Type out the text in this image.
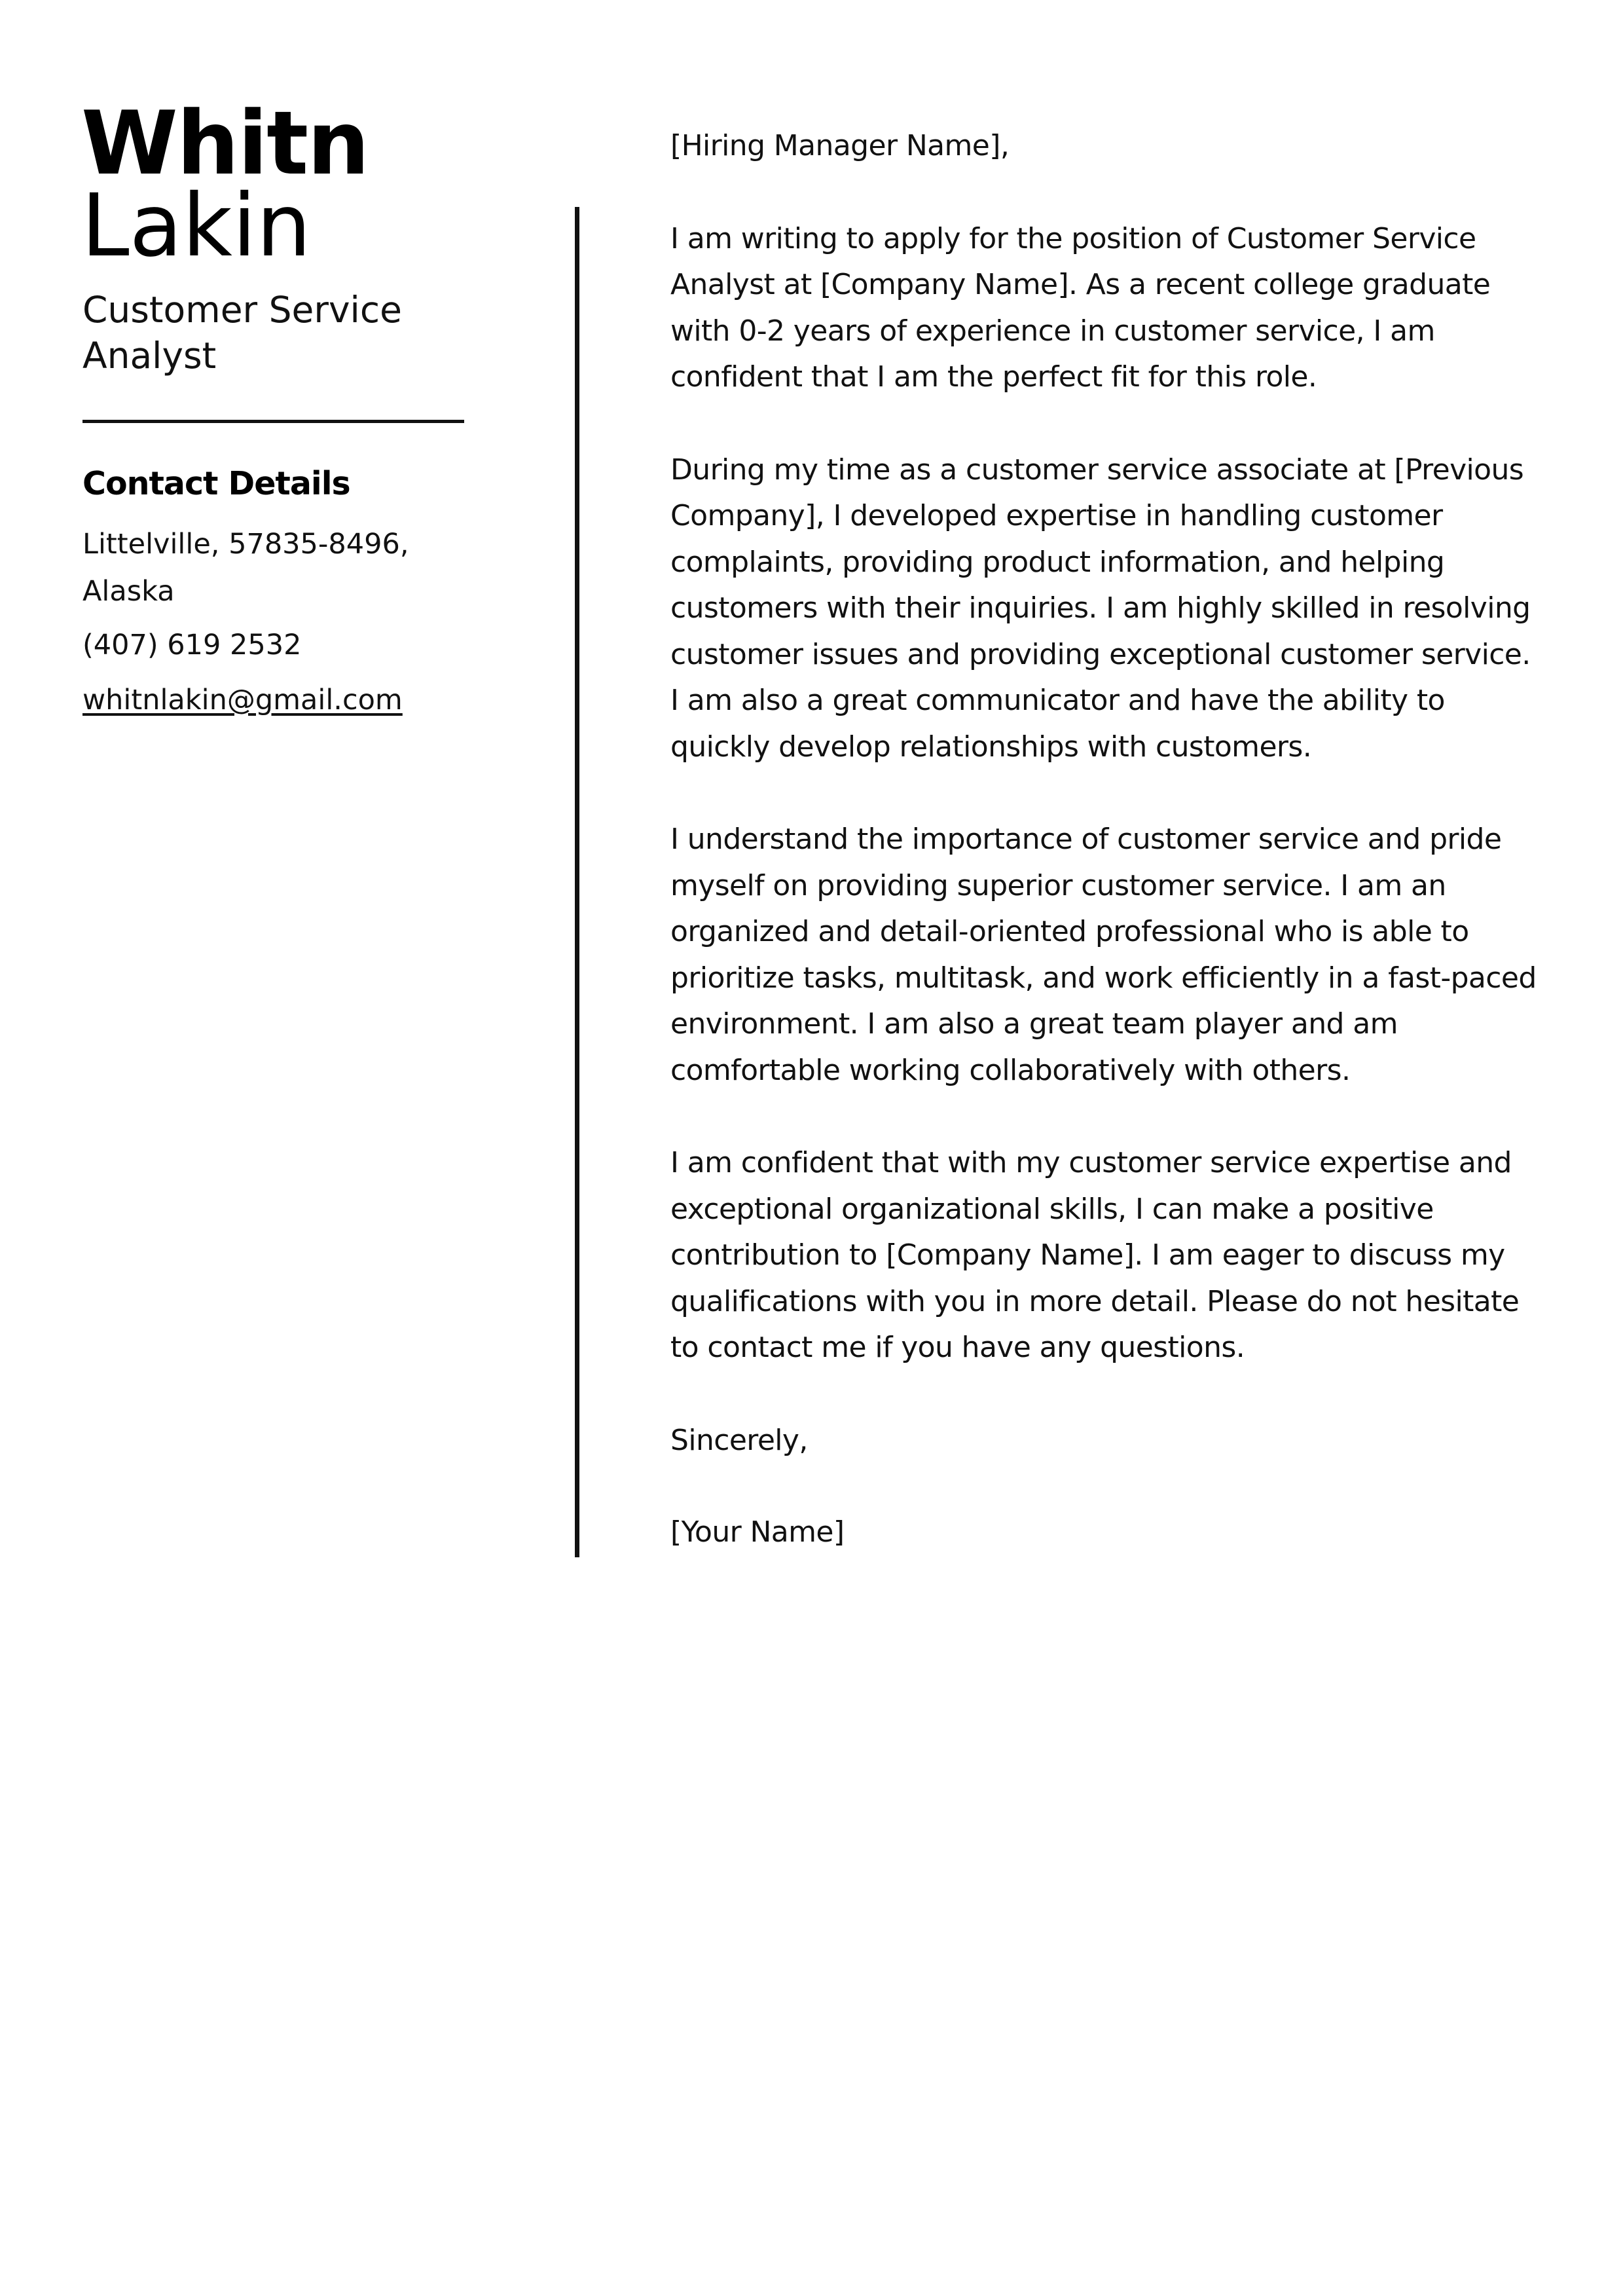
Whitn
Lakin
Customer Service Analyst
Contact Details

Littelville, 57835-8496, Alaska

(407) 619 2532

whitnlakin@gmail.com

[Hiring Manager Name],

I am writing to apply for the position of Customer Service Analyst at [Company Name]. As a recent college graduate with 0-2 years of experience in customer service, I am confident that I am the perfect fit for this role.

During my time as a customer service associate at [Previous Company], I developed expertise in handling customer complaints, providing product information, and helping customers with their inquiries. I am highly skilled in resolving customer issues and providing exceptional customer service. I am also a great communicator and have the ability to quickly develop relationships with customers.

I understand the importance of customer service and pride myself on providing superior customer service. I am an organized and detail-oriented professional who is able to prioritize tasks, multitask, and work efficiently in a fast-paced environment. I am also a great team player and am comfortable working collaboratively with others.

I am confident that with my customer service expertise and exceptional organizational skills, I can make a positive contribution to [Company Name]. I am eager to discuss my qualifications with you in more detail. Please do not hesitate to contact me if you have any questions.

Sincerely,

[Your Name]
